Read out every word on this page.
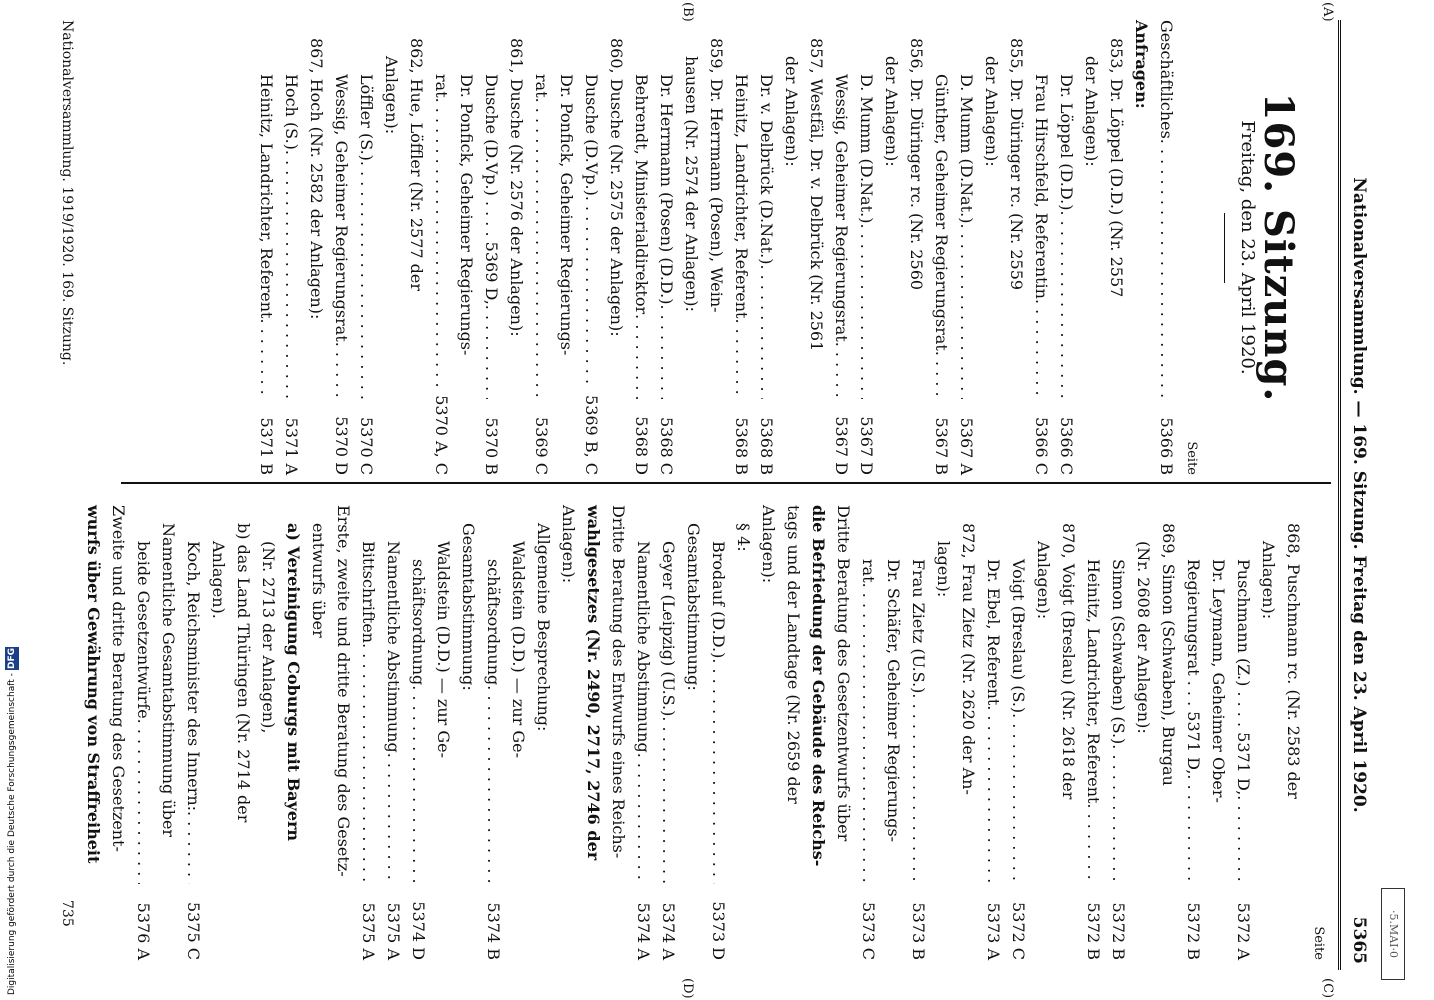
·5.MAI·0
Nationalversammlung. — 169. Sitzung. Freitag den 23. April 1920.
5365
(A)
(B)
(C)
(D)
169. Sitzung.
Freitag, den 23. April 1920.
Seite
Geschäftliches
. . .
5366 B
Anfragen:
853, Dr. Löppel (D.D.) (Nr. 2557
der Anlagen):
Dr. Löppel (D.D.)
. . .
5366 C
Frau Hirschfeld, Referentin
. . .
5366 C
855, Dr. Düringer rc. (Nr. 2559
der Anlagen):
D. Mumm (D.Nat.)
. . .
5367 A
Günther, Geheimer Regierungsrat
. . .
5367 B
856, Dr. Düringer rc. (Nr. 2560
der Anlagen):
D. Mumm (D.Nat.)
. . .
5367 D
Wessig, Geheimer Regierungsrat
. . .
5367 D
857, Westfäl, Dr. v. Delbrück (Nr. 2561
der Anlagen):
Dr. v. Delbrück (D.Nat.)
. . .
5368 B
Heinitz, Landrichter, Referent
. . .
5368 B
859, Dr. Herrmann (Posen), Wein-
hausen (Nr. 2574 der Anlagen):
Dr. Herrmann (Posen) (D.D.)
. . .
5368 C
Behrendt, Ministerialdirektor
. . .
5368 D
860, Dusche (Nr. 2575 der Anlagen):
Dusche (D.Vp.)
. . .
5369 B, C
Dr. Ponfick, Geheimer Regierungs-
rat
. . .
5369 C
861, Dusche (Nr. 2576 der Anlagen):
Dusche (D.Vp.) . . . . 5369 D,
. . .
5370 B
Dr. Ponfick, Geheimer Regierungs-
rat
. . .
5370 A, C
862, Hue, Löffler (Nr. 2577 der
Anlagen):
Löffler (S.)
. . .
5370 C
Wessig, Geheimer Regierungsrat
. . .
5370 D
867, Hoch (Nr. 2582 der Anlagen):
Hoch (S.)
. . .
5371 A
Heinitz, Landrichter, Referent
. . .
5371 B
Seite
868, Puschmann rc. (Nr. 2583 der
Anlagen):
Puschmann (Z.) . . . . 5371 D,
. . .
5372 A
Dr. Leymann, Geheimer Ober-
Regierungsrat . . . 5371 D,
. . .
5372 B
869, Simon (Schwaben), Burgau
(Nr. 2608 der Anlagen):
Simon (Schwaben) (S.)
. . .
5372 B
Heinitz, Landrichter, Referent
. . .
5372 B
870, Voigt (Breslau) (Nr. 2618 der
Anlagen):
Voigt (Breslau) (S.)
. . .
5372 C
Dr. Ebel, Referent
. . .
5373 A
872, Frau Zietz (Nr. 2620 der An-
lagen):
Frau Zietz (U.S.)
. . .
5373 B
Dr. Schäfer, Geheimer Regierungs-
rat
. . .
5373 C
Dritte Beratung des Gesetzentwurfs über
die Befriedung der Gebäude des Reichs-
tags und der Landtage (Nr. 2659 der
Anlagen):
§ 4:
Brodauf (D.D.)
. . .
5373 D
Gesamtabstimmung:
Geyer (Leipzig) (U.S.)
. . .
5374 A
Namentliche Abstimmung
. . .
5374 A
Dritte Beratung des Entwurfs eines Reichs-
wahlgesetzes (Nr. 2490, 2717, 2746 der
Anlagen):
Allgemeine Besprechung:
Waldstein (D.D.) — zur Ge-
schäftsordnung
. . .
5374 B
Gesamtabstimmung:
Waldstein (D.D.) — zur Ge-
schäftsordnung
. . .
5374 D
Namentliche Abstimmung
. . .
5375 A
Bittschriften
. . .
5375 A
Erste, zweite und dritte Beratung des Gesetz-
entwurfs über
a) Vereinigung Coburgs mit Bayern
(Nr. 2713 der Anlagen),
b) das Land Thüringen (Nr. 2714 der
Anlagen).
Koch, Reichsminister des Innern:
. . .
5375 C
Namentliche Gesamtabstimmung über
beide Gesetzentwürfe
. . .
5376 A
Zweite und dritte Beratung des Gesetzent-
wurfs über Gewährung von Straffreiheit
Nationalversammlung. 1919/1920. 169. Sitzung.
735
Digitalisierung gefördert durch die Deutsche Forschungsgemeinschaft - DFG
